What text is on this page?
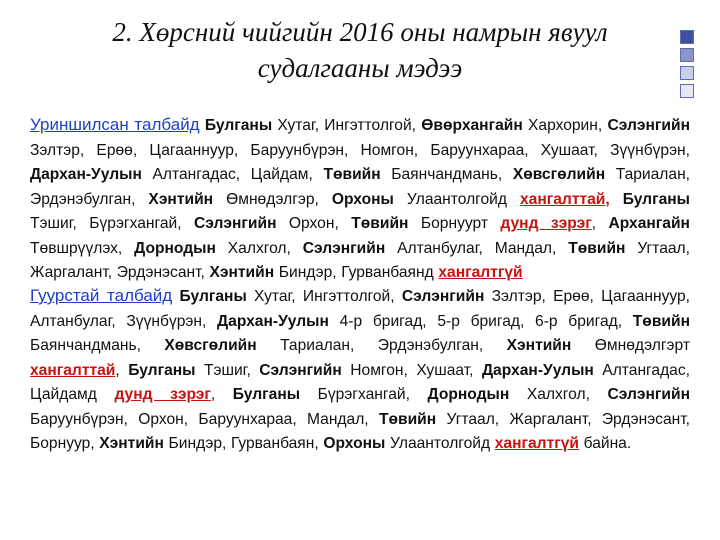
2. Хөрсний чийгийн 2016 оны намрын явуул
судалгааны мэдээ
Уриншилсан талбайд Булганы Хутаг, Ингэттолгой, Өвөрхангайн Хархорин, Сэлэнгийн Зэлтэр, Ерөө, Цагааннуур, Баруунбүрэн, Номгон, Баруунхараа, Хушаат, Зүүнбүрэн, Дархан-Уулын Алтангадас, Цайдам, Төвийн Баянчандмань, Хөвсгөлийн Тариалан, Эрдэнэбулган, Хэнтийн Өмнөдэлгэр, Орхоны Улаантолгойд хангалттай, Булганы Тэшиг, Бүрэгхангай, Сэлэнгийн Орхон, Төвийн Борнуурт дунд зэрэг, Архангайн Төвшрүүлэх, Дорнодын Халхгол, Сэлэнгийн Алтанбулаг, Мандал, Төвийн Угтаал, Жаргалант, Эрдэнэсант, Хэнтийн Биндэр, Гурванбаянд хангалтгүй
Гуурстай талбайд Булганы Хутаг, Ингэттолгой, Сэлэнгийн Зэлтэр, Ерөө, Цагааннуур, Алтанбулаг, Зүүнбүрэн, Дархан-Уулын 4-р бригад, 5-р бригад, 6-р бригад, Төвийн Баянчандмань, Хөвсгөлийн Тариалан, Эрдэнэбулган, Хэнтийн Өмнөдэлгэрт хангалттай, Булганы Тэшиг, Сэлэнгийн Номгон, Хушаат, Дархан-Уулын Алтангадас, Цайдамд дунд зэрэг, Булганы Бүрэгхангай, Дорнодын Халхгол, Сэлэнгийн Баруунбүрэн, Орхон, Баруунхараа, Мандал, Төвийн Угтаал, Жаргалант, Эрдэнэсант, Борнуур, Хэнтийн Биндэр, Гурванбаян, Орхоны Улаантолгойд хангалтгүй байна.
